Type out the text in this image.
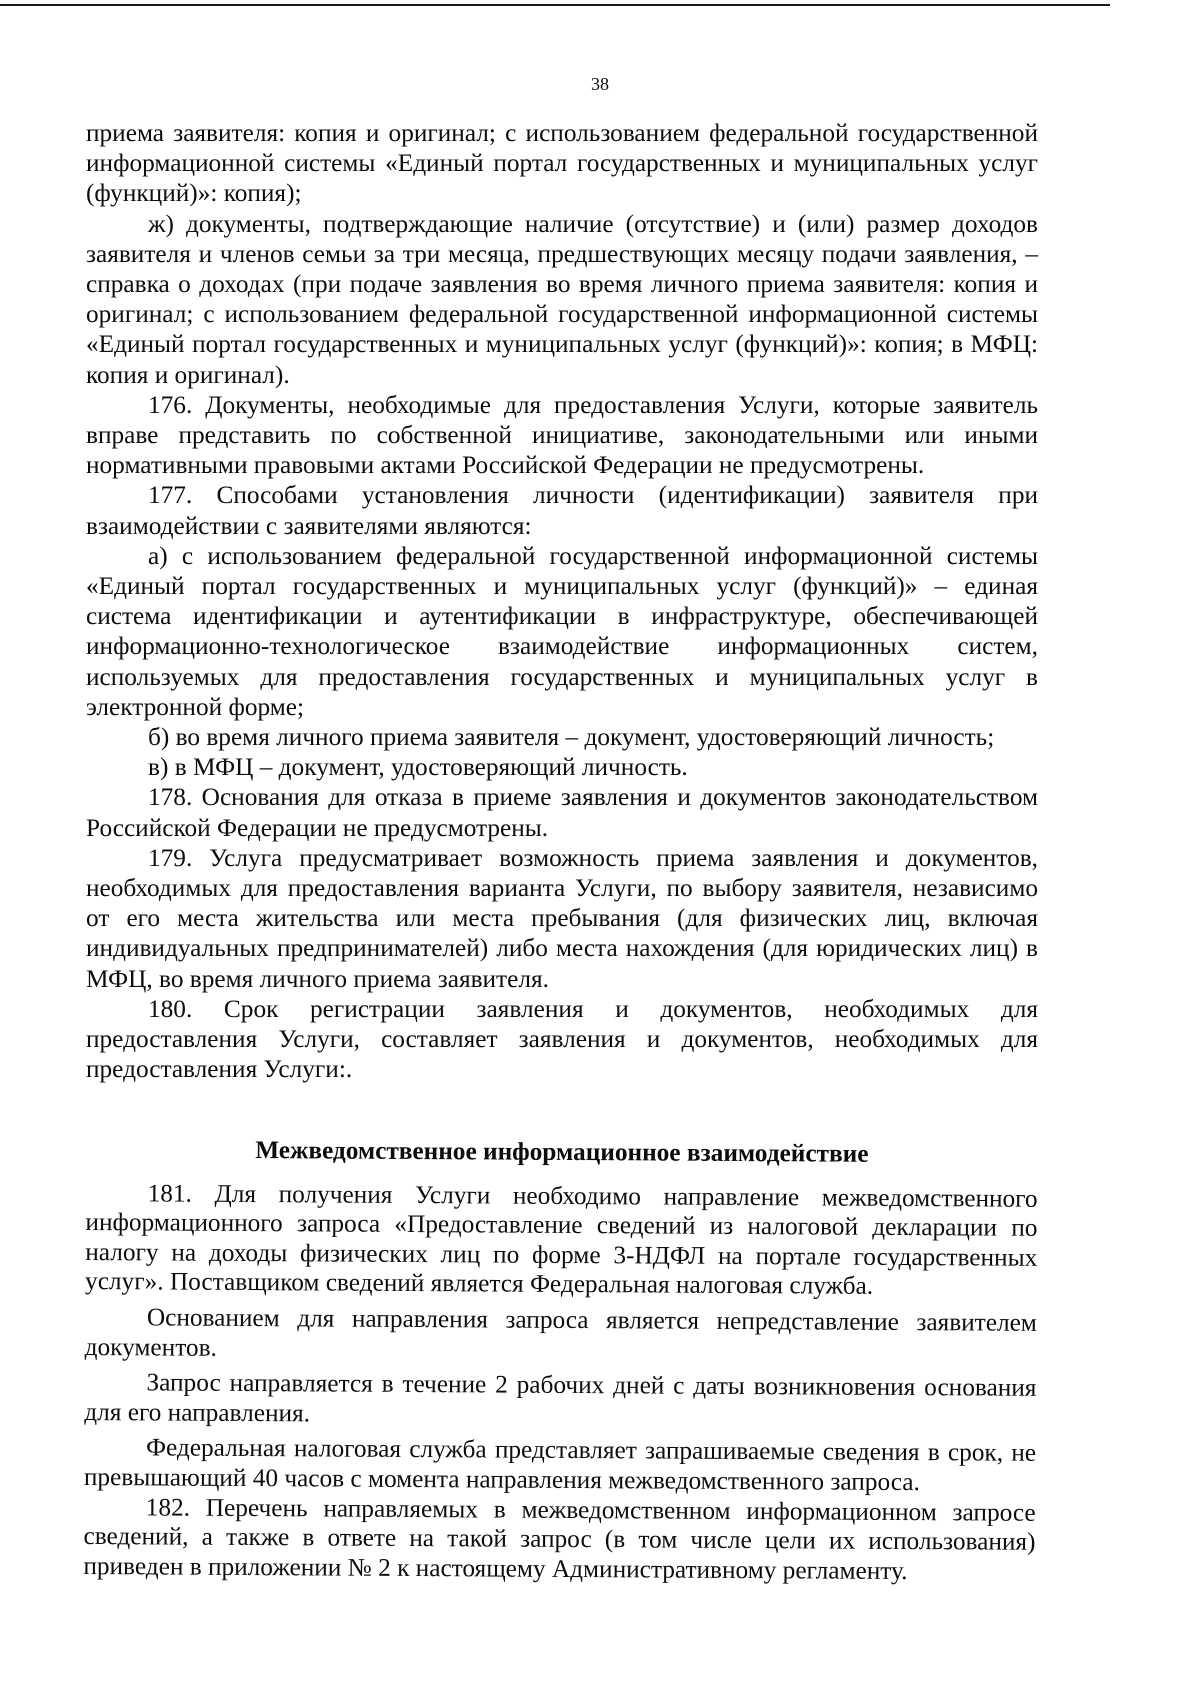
38

приема заявителя: копия и оригинал; с использованием федеральной государственной информационной системы «Единый портал государственных и муниципальных услуг (функций)»: копия);

ж) документы, подтверждающие наличие (отсутствие) и (или) размер доходов заявителя и членов семьи за три месяца, предшествующих месяцу подачи заявления, – справка о доходах (при подаче заявления во время личного приема заявителя: копия и оригинал; с использованием федеральной государственной информационной системы «Единый портал государственных и муниципальных услуг (функций)»: копия; в МФЦ: копия и оригинал).

176. Документы, необходимые для предоставления Услуги, которые заявитель вправе представить по собственной инициативе, законодательными или иными нормативными правовыми актами Российской Федерации не предусмотрены.

177. Способами установления личности (идентификации) заявителя при взаимодействии с заявителями являются:

а) с использованием федеральной государственной информационной системы «Единый портал государственных и муниципальных услуг (функций)» – единая система идентификации и аутентификации в инфраструктуре, обеспечивающей информационно-технологическое взаимодействие информационных систем, используемых для предоставления государственных и муниципальных услуг в электронной форме;

б) во время личного приема заявителя – документ, удостоверяющий личность;

в) в МФЦ – документ, удостоверяющий личность.

178. Основания для отказа в приеме заявления и документов законодательством Российской Федерации не предусмотрены.

179. Услуга предусматривает возможность приема заявления и документов, необходимых для предоставления варианта Услуги, по выбору заявителя, независимо от его места жительства или места пребывания (для физических лиц, включая индивидуальных предпринимателей) либо места нахождения (для юридических лиц) в МФЦ, во время личного приема заявителя.

180. Срок регистрации заявления и документов, необходимых для предоставления Услуги, составляет заявления и документов, необходимых для предоставления Услуги:.

Межведомственное информационное взаимодействие

181. Для получения Услуги необходимо направление межведомственного информационного запроса «Предоставление сведений из налоговой декларации по налогу на доходы физических лиц по форме 3-НДФЛ на портале государственных услуг». Поставщиком сведений является Федеральная налоговая служба.

Основанием для направления запроса является непредставление заявителем документов.

Запрос направляется в течение 2 рабочих дней с даты возникновения основания для его направления.

Федеральная налоговая служба представляет запрашиваемые сведения в срок, не превышающий 40 часов с момента направления межведомственного запроса.

182. Перечень направляемых в межведомственном информационном запросе сведений, а также в ответе на такой запрос (в том числе цели их использования) приведен в приложении № 2 к настоящему Административному регламенту.
